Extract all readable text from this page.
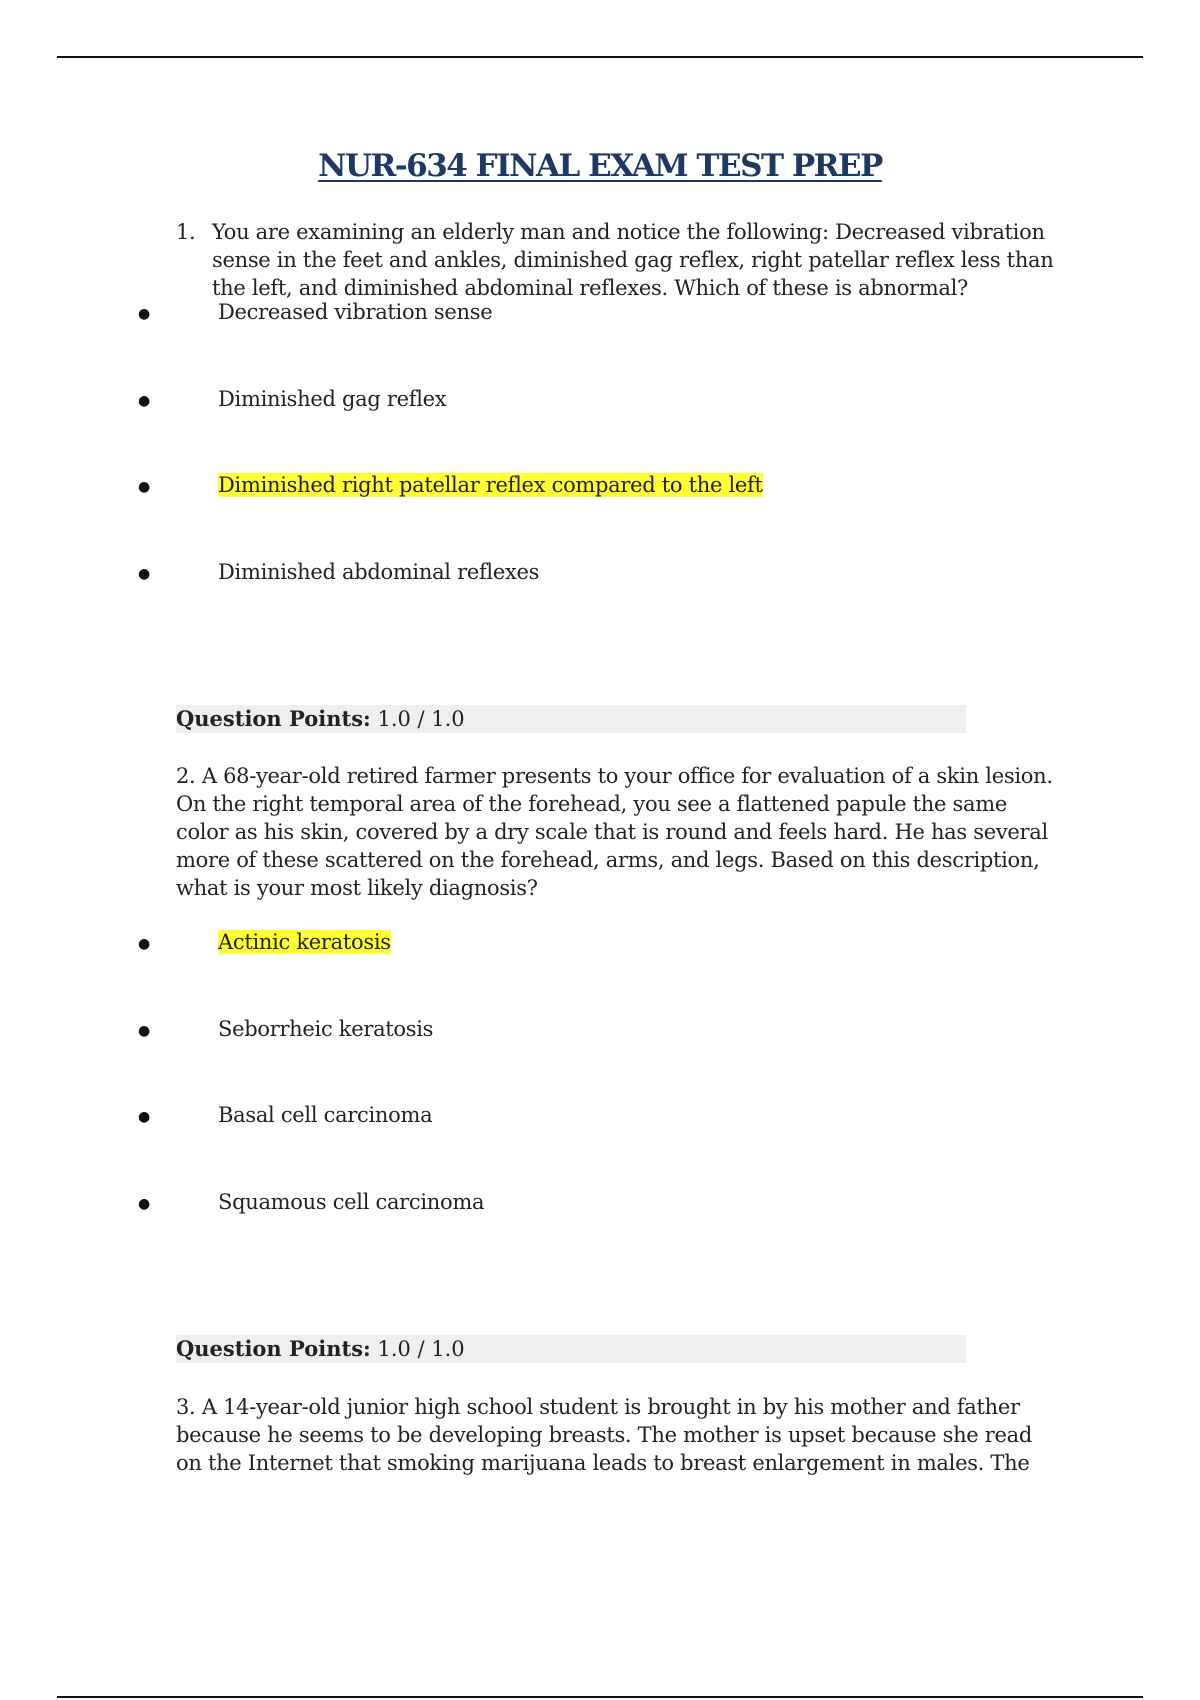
NUR-634 FINAL EXAM TEST PREP
1. You are examining an elderly man and notice the following: Decreased vibration sense in the feet and ankles, diminished gag reflex, right patellar reflex less than the left, and diminished abdominal reflexes. Which of these is abnormal?
●	Decreased vibration sense
●	Diminished gag reflex
●	Diminished right patellar reflex compared to the left
●	Diminished abdominal reflexes
Question Points: 1.0 / 1.0
2. A 68-year-old retired farmer presents to your office for evaluation of a skin lesion. On the right temporal area of the forehead, you see a flattened papule the same color as his skin, covered by a dry scale that is round and feels hard. He has several more of these scattered on the forehead, arms, and legs. Based on this description, what is your most likely diagnosis?
●	Actinic keratosis
●	Seborrheic keratosis
●	Basal cell carcinoma
●	Squamous cell carcinoma
Question Points: 1.0 / 1.0
3. A 14-year-old junior high school student is brought in by his mother and father because he seems to be developing breasts. The mother is upset because she read on the Internet that smoking marijuana leads to breast enlargement in males. The
